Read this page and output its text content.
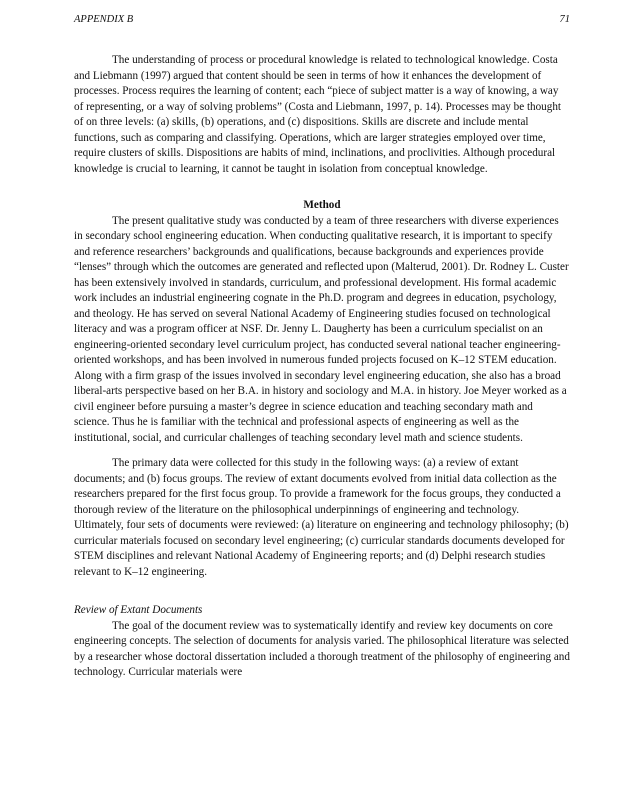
APPENDIX B	71

The understanding of process or procedural knowledge is related to technological knowledge. Costa and Liebmann (1997) argued that content should be seen in terms of how it enhances the development of processes. Process requires the learning of content; each “piece of subject matter is a way of knowing, a way of representing, or a way of solving problems” (Costa and Liebmann, 1997, p. 14). Processes may be thought of on three levels: (a) skills, (b) operations, and (c) dispositions. Skills are discrete and include mental functions, such as comparing and classifying. Operations, which are larger strategies employed over time, require clusters of skills. Dispositions are habits of mind, inclinations, and proclivities. Although procedural knowledge is crucial to learning, it cannot be taught in isolation from conceptual knowledge.

Method

The present qualitative study was conducted by a team of three researchers with diverse experiences in secondary school engineering education. When conducting qualitative research, it is important to specify and reference researchers’ backgrounds and qualifications, because backgrounds and experiences provide “lenses” through which the outcomes are generated and reflected upon (Malterud, 2001). Dr. Rodney L. Custer has been extensively involved in standards, curriculum, and professional development. His formal academic work includes an industrial engineering cognate in the Ph.D. program and degrees in education, psychology, and theology. He has served on several National Academy of Engineering studies focused on technological literacy and was a program officer at NSF. Dr. Jenny L. Daugherty has been a curriculum specialist on an engineering-oriented secondary level curriculum project, has conducted several national teacher engineering-oriented workshops, and has been involved in numerous funded projects focused on K–12 STEM education. Along with a firm grasp of the issues involved in secondary level engineering education, she also has a broad liberal-arts perspective based on her B.A. in history and sociology and M.A. in history. Joe Meyer worked as a civil engineer before pursuing a master’s degree in science education and teaching secondary math and science. Thus he is familiar with the technical and professional aspects of engineering as well as the institutional, social, and curricular challenges of teaching secondary level math and science students.

The primary data were collected for this study in the following ways: (a) a review of extant documents; and (b) focus groups. The review of extant documents evolved from initial data collection as the researchers prepared for the first focus group. To provide a framework for the focus groups, they conducted a thorough review of the literature on the philosophical underpinnings of engineering and technology. Ultimately, four sets of documents were reviewed: (a) literature on engineering and technology philosophy; (b) curricular materials focused on secondary level engineering; (c) curricular standards documents developed for STEM disciplines and relevant National Academy of Engineering reports; and (d) Delphi research studies relevant to K–12 engineering.

Review of Extant Documents

The goal of the document review was to systematically identify and review key documents on core engineering concepts. The selection of documents for analysis varied. The philosophical literature was selected by a researcher whose doctoral dissertation included a thorough treatment of the philosophy of engineering and technology. Curricular materials were
